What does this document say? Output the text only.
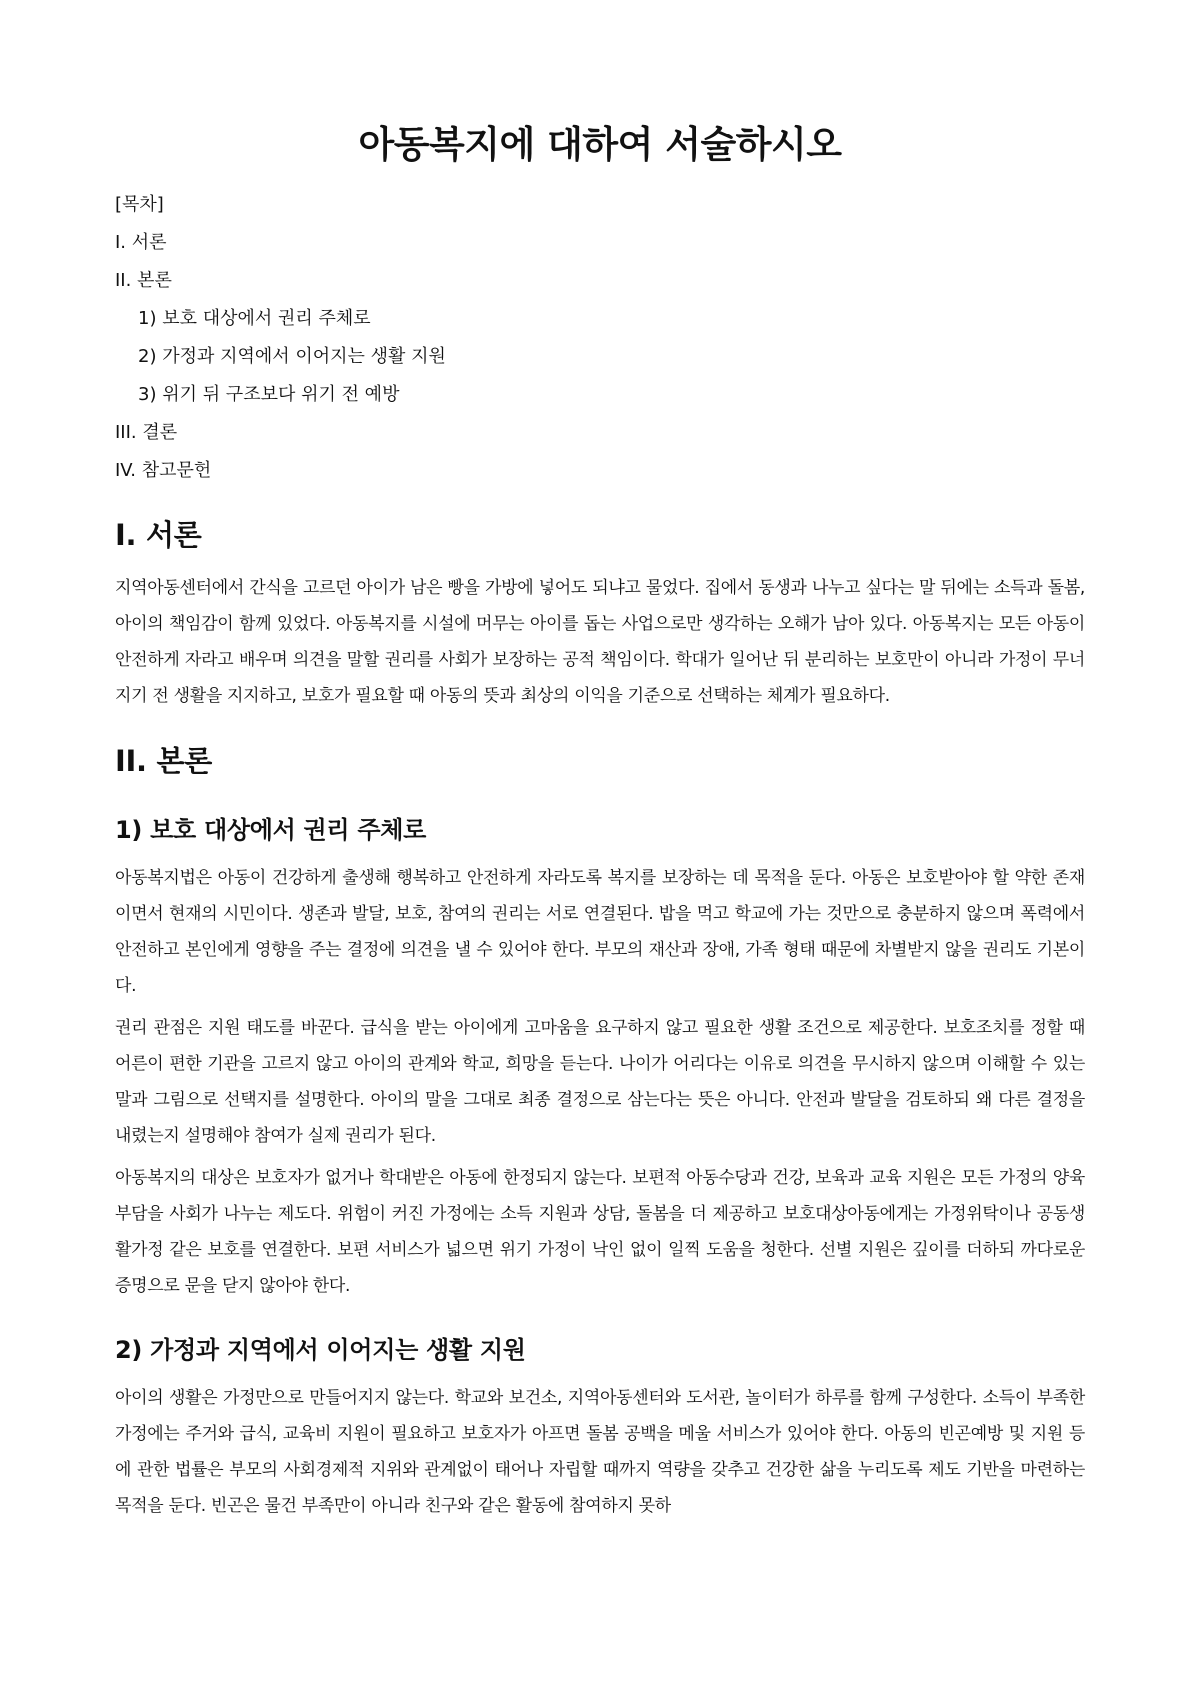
아동복지에 대하여 서술하시오
[목차]
I. 서론
II. 본론
1) 보호 대상에서 권리 주체로
2) 가정과 지역에서 이어지는 생활 지원
3) 위기 뒤 구조보다 위기 전 예방
III. 결론
IV. 참고문헌
I. 서론

지역아동센터에서 간식을 고르던 아이가 남은 빵을 가방에 넣어도 되냐고 물었다. 집에서 동생과 나누고 싶다는 말 뒤에는 소득과 돌봄, 아이의 책임감이 함께 있었다. 아동복지를 시설에 머무는 아이를 돕는 사업으로만 생각하는 오해가 남아 있다. 아동복지는 모든 아동이 안전하게 자라고 배우며 의견을 말할 권리를 사회가 보장하는 공적 책임이다. 학대가 일어난 뒤 분리하는 보호만이 아니라 가정이 무너지기 전 생활을 지지하고, 보호가 필요할 때 아동의 뜻과 최상의 이익을 기준으로 선택하는 체계가 필요하다.

II. 본론
1) 보호 대상에서 권리 주체로

아동복지법은 아동이 건강하게 출생해 행복하고 안전하게 자라도록 복지를 보장하는 데 목적을 둔다. 아동은 보호받아야 할 약한 존재이면서 현재의 시민이다. 생존과 발달, 보호, 참여의 권리는 서로 연결된다. 밥을 먹고 학교에 가는 것만으로 충분하지 않으며 폭력에서 안전하고 본인에게 영향을 주는 결정에 의견을 낼 수 있어야 한다. 부모의 재산과 장애, 가족 형태 때문에 차별받지 않을 권리도 기본이다.

권리 관점은 지원 태도를 바꾼다. 급식을 받는 아이에게 고마움을 요구하지 않고 필요한 생활 조건으로 제공한다. 보호조치를 정할 때 어른이 편한 기관을 고르지 않고 아이의 관계와 학교, 희망을 듣는다. 나이가 어리다는 이유로 의견을 무시하지 않으며 이해할 수 있는 말과 그림으로 선택지를 설명한다. 아이의 말을 그대로 최종 결정으로 삼는다는 뜻은 아니다. 안전과 발달을 검토하되 왜 다른 결정을 내렸는지 설명해야 참여가 실제 권리가 된다.

아동복지의 대상은 보호자가 없거나 학대받은 아동에 한정되지 않는다. 보편적 아동수당과 건강, 보육과 교육 지원은 모든 가정의 양육 부담을 사회가 나누는 제도다. 위험이 커진 가정에는 소득 지원과 상담, 돌봄을 더 제공하고 보호대상아동에게는 가정위탁이나 공동생활가정 같은 보호를 연결한다. 보편 서비스가 넓으면 위기 가정이 낙인 없이 일찍 도움을 청한다. 선별 지원은 깊이를 더하되 까다로운 증명으로 문을 닫지 않아야 한다.

2) 가정과 지역에서 이어지는 생활 지원

아이의 생활은 가정만으로 만들어지지 않는다. 학교와 보건소, 지역아동센터와 도서관, 놀이터가 하루를 함께 구성한다. 소득이 부족한 가정에는 주거와 급식, 교육비 지원이 필요하고 보호자가 아프면 돌봄 공백을 메울 서비스가 있어야 한다. 아동의 빈곤예방 및 지원 등에 관한 법률은 부모의 사회경제적 지위와 관계없이 태어나 자립할 때까지 역량을 갖추고 건강한 삶을 누리도록 제도 기반을 마련하는 목적을 둔다. 빈곤은 물건 부족만이 아니라 친구와 같은 활동에 참여하지 못하
